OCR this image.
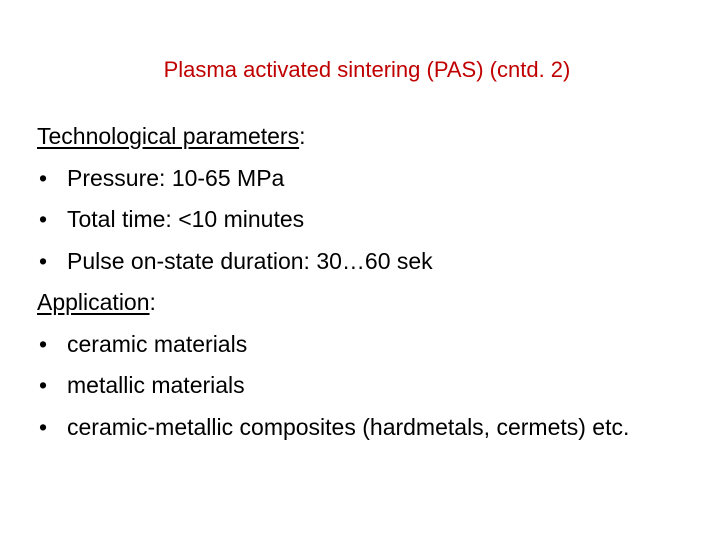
Plasma activated sintering (PAS) (cntd. 2)
Technological parameters:
• Pressure: 10-65 MPa
• Total time: <10 minutes
• Pulse on-state duration: 30…60 sek
Application:
• ceramic materials
• metallic materials
• ceramic-metallic composites (hardmetals, cermets) etc.
